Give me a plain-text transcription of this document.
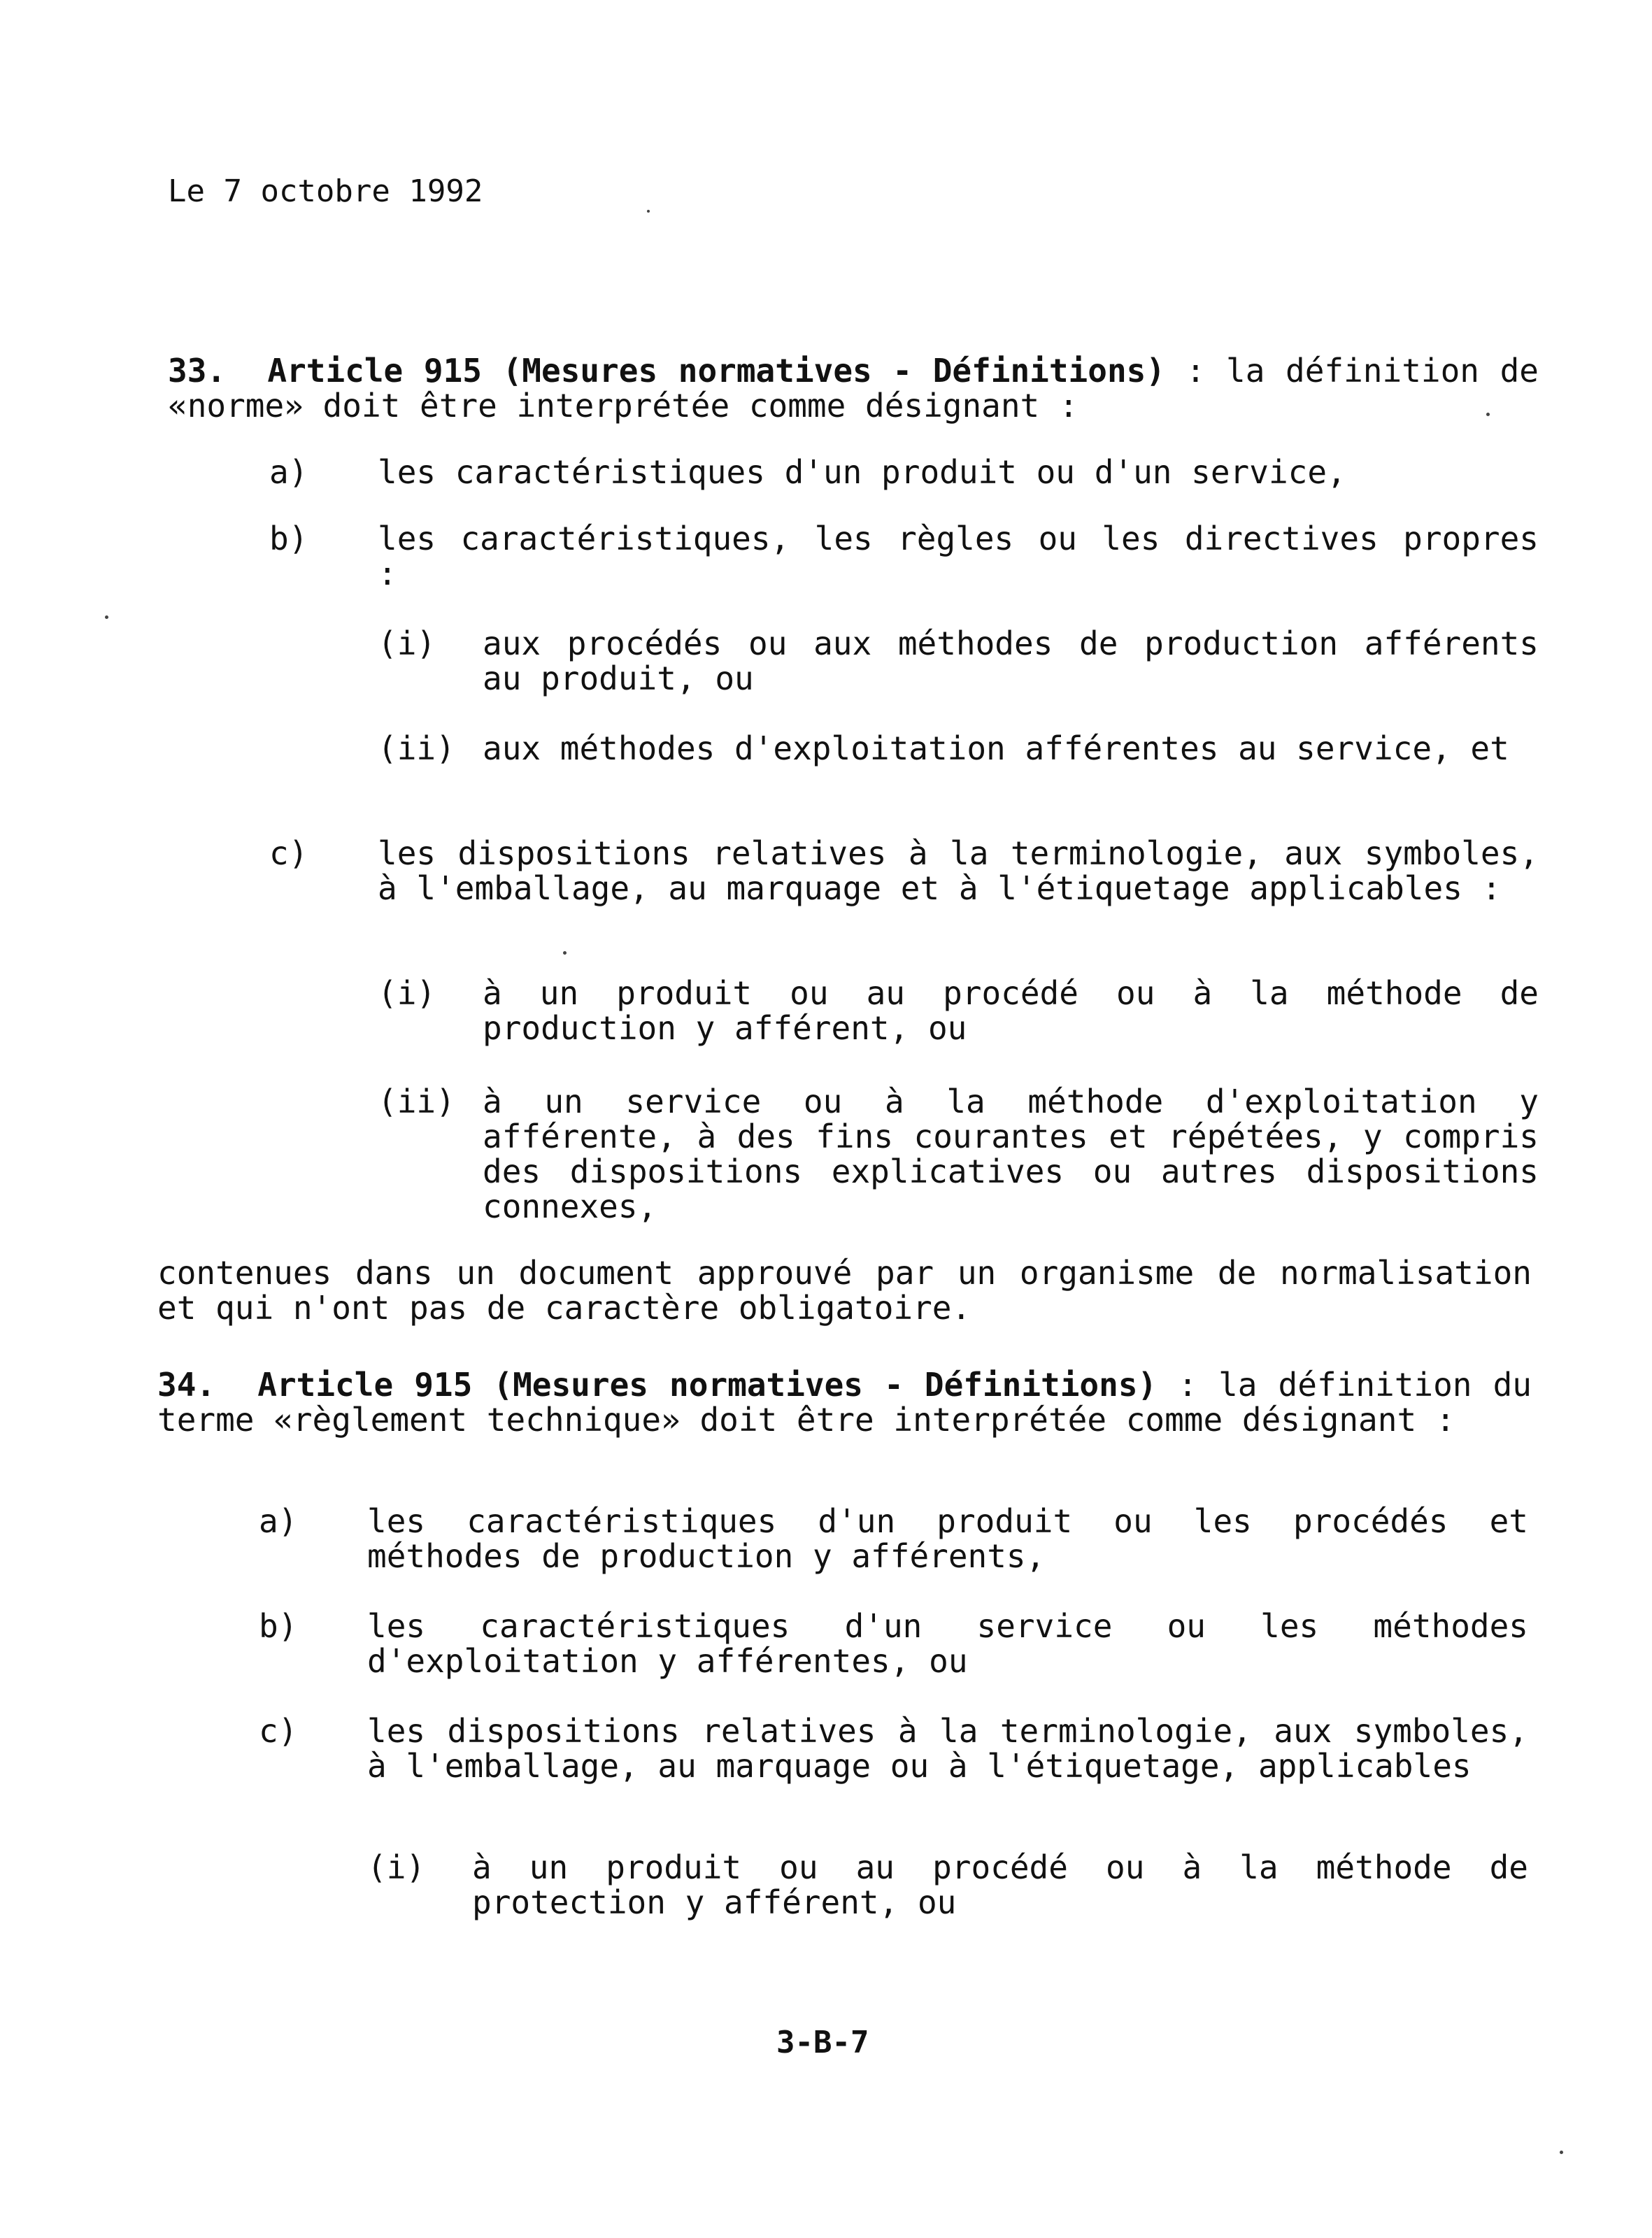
Le 7 octobre 1992
33. Article 915 (Mesures normatives - Définitions) : la définition de «norme» doit être interprétée comme désignant :
a) les caractéristiques d'un produit ou d'un service,
b) les caractéristiques, les règles ou les directives propres :
(i) aux procédés ou aux méthodes de production afférents au produit, ou
(ii) aux méthodes d'exploitation afférentes au service, et
c) les dispositions relatives à la terminologie, aux symboles, à l'emballage, au marquage et à l'étiquetage applicables :
(i) à un produit ou au procédé ou à la méthode de production y afférent, ou
(ii) à un service ou à la méthode d'exploitation y afférente, à des fins courantes et répétées, y compris des dispositions explicatives ou autres dispositions connexes,
contenues dans un document approuvé par un organisme de normalisation et qui n'ont pas de caractère obligatoire.
34. Article 915 (Mesures normatives - Définitions) : la définition du terme «règlement technique» doit être interprétée comme désignant :
a) les caractéristiques d'un produit ou les procédés et méthodes de production y afférents,
b) les caractéristiques d'un service ou les méthodes d'exploitation y afférentes, ou
c) les dispositions relatives à la terminologie, aux symboles, à l'emballage, au marquage ou à l'étiquetage, applicables
(i) à un produit ou au procédé ou à la méthode de protection y afférent, ou
3-B-7
